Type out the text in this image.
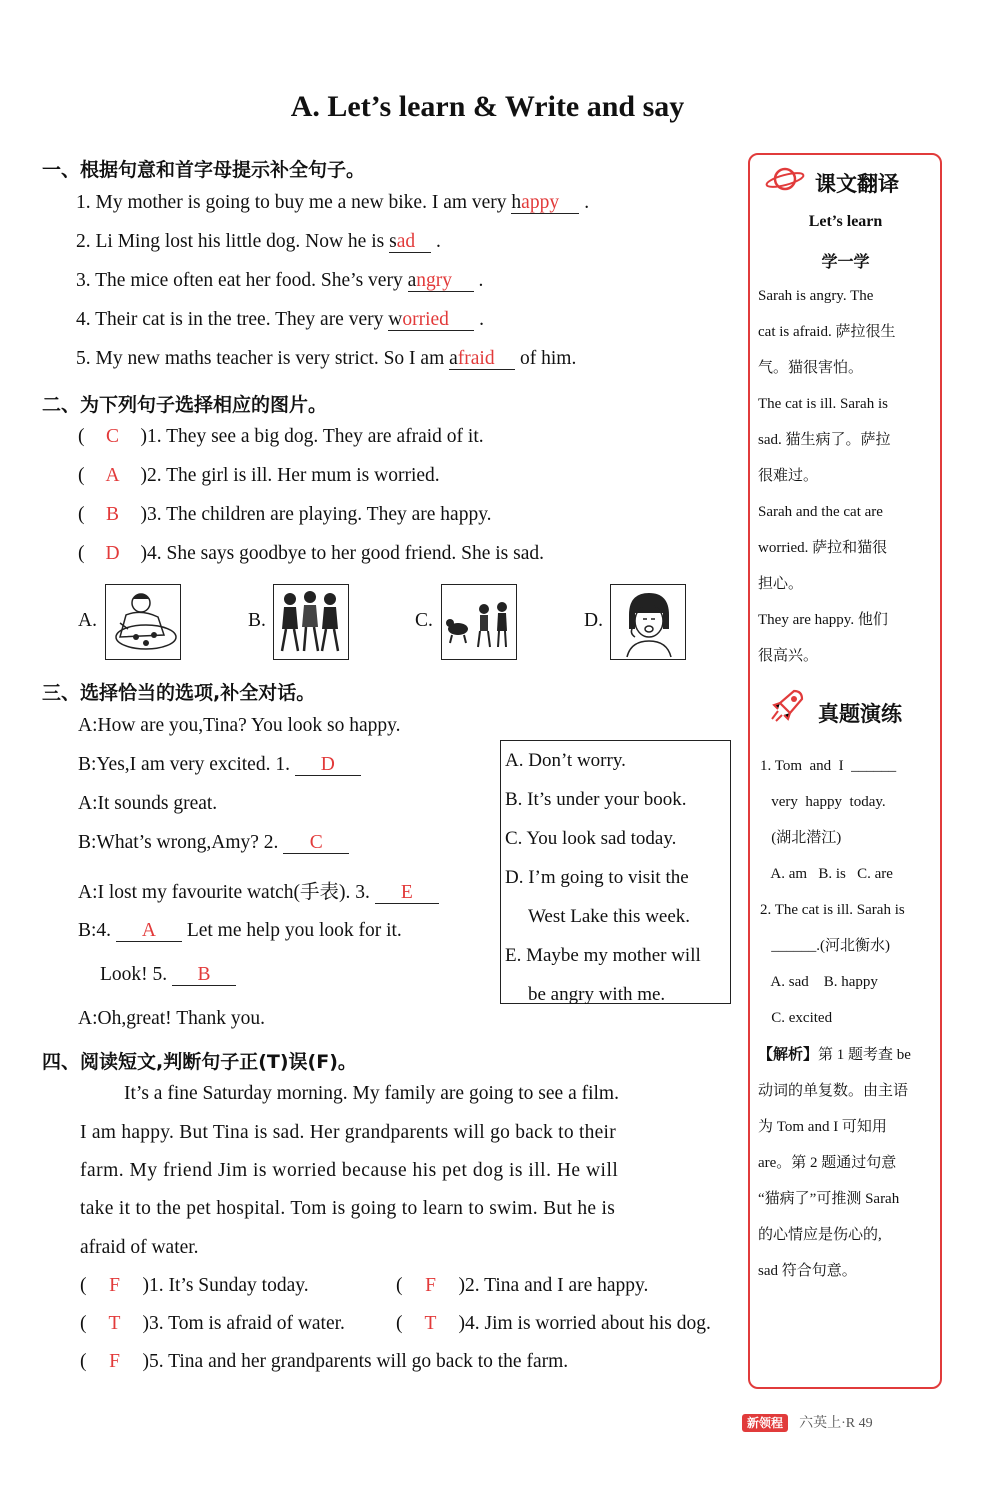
A. Let’s learn & Write and say
一、根据句意和首字母提示补全句子。
1. My mother is going to buy me a new bike. I am very happy .
2. Li Ming lost his little dog. Now he is sad .
3. The mice often eat her food. She’s very angry .
4. Their cat is in the tree. They are very worried .
5. My new maths teacher is very strict. So I am afraid of him.
二、为下列句子选择相应的图片。
( C )1. They see a big dog. They are afraid of it.
( A )2. The girl is ill. Her mum is worried.
( B )3. The children are playing. They are happy.
( D )4. She says goodbye to her good friend. She is sad.
A.	B.	C.	D.
三、选择恰当的选项,补全对话。
A:How are you,Tina? You look so happy.
B:Yes,I am very excited. 1. D
A:It sounds great.
B:What’s wrong,Amy? 2. C
A:I lost my favourite watch(手表). 3. E
B:4. A Let me help you look for it.
Look! 5. B
A:Oh,great! Thank you.
A. Don’t worry.
B. It’s under your book.
C. You look sad today.
D. I’m going to visit the
West Lake this week.
E. Maybe my mother will
be angry with me.
四、阅读短文,判断句子正(T)误(F)。
It’s a fine Saturday morning. My family are going to see a film.
I am happy. But Tina is sad. Her grandparents will go back to their
farm. My friend Jim is worried because his pet dog is ill. He will
take it to the pet hospital. Tom is going to learn to swim. But he is
afraid of water.
( F )1. It’s Sunday today.	( F )2. Tina and I are happy.
( T )3. Tom is afraid of water.	( T )4. Jim is worried about his dog.
( F )5. Tina and her grandparents will go back to the farm.
课文翻译
Let’s learn
学一学
Sarah is angry. The
cat is afraid. 萨拉很生
气。猫很害怕。
The cat is ill. Sarah is
sad. 猫生病了。萨拉
很难过。
Sarah and the cat are
worried. 萨拉和猫很
担心。
They are happy. 他们
很高兴。
真题演练
1. Tom  and  I  ______
very  happy  today.
(湖北潜江)
A. am   B. is   C. are
2. The cat is ill. Sarah is
______.(河北衡水)
A. sad    B. happy
C. excited
【解析】第 1 题考查 be
动词的单复数。由主语
为 Tom and I 可知用
are。第 2 题通过句意
“猫病了”可推测 Sarah
的心情应是伤心的,
sad 符合句意。
新领程 六英上·R 49
